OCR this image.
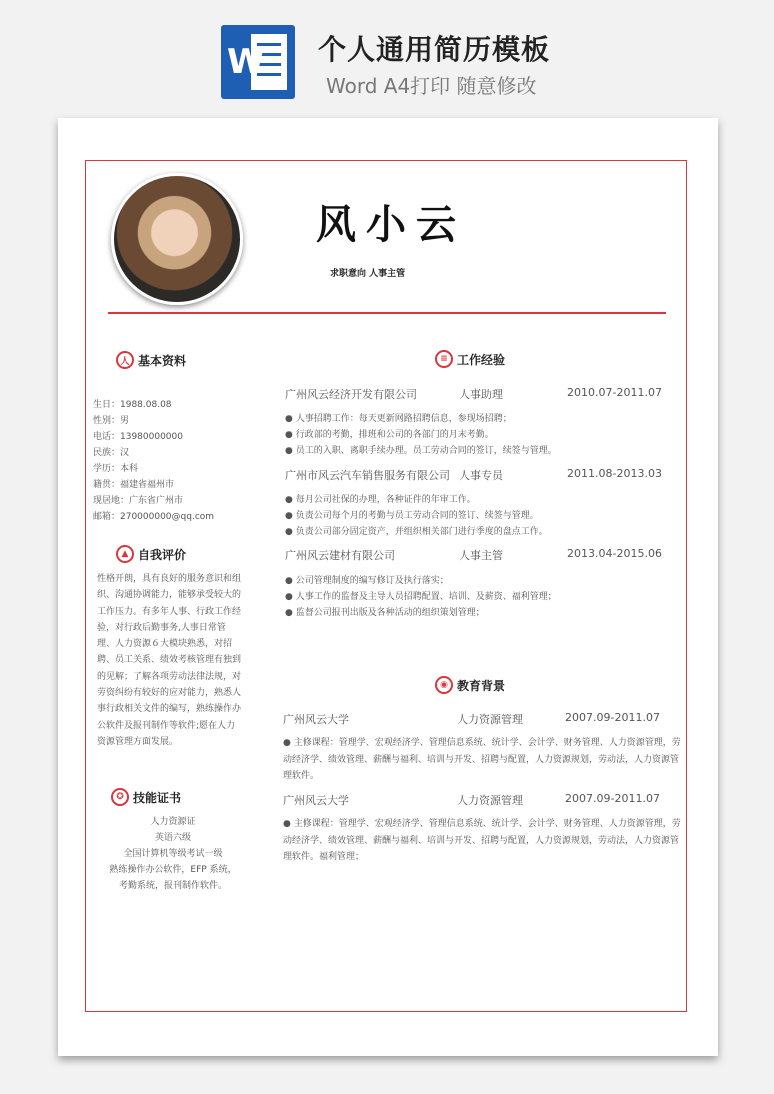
W 个人通用简历模板
Word A4打印 随意修改
风小云
求职意向 人事主管
人 基本资料
生日：1988.08.08
性别：男
电话：13980000000
民族：汉
学历：本科
籍贯：福建省福州市
现居地：广东省广州市
邮箱：270000000@qq.com
▲ 自我评价
性格开朗，具有良好的服务意识和组织、沟通协调能力，能够承受较大的工作压力。有多年人事、行政工作经验，对行政后勤事务,人事日常管理、人力资源６大模块熟悉，对招聘、员工关系、绩效考核管理有独到的见解；了解各项劳动法律法规，对劳资纠纷有较好的应对能力，熟悉人事行政相关文件的编写，熟练操作办公软件及报刊制作等软件;愿在人力资源管理方面发展。
✪ 技能证书
人力资源证
英语六级
全国计算机等级考试一级
熟练操作办公软件，EFP 系统，
考勤系统，报刊制作软件。
≡ 工作经验
广州风云经济开发有限公司	人事助理	2010.07-2011.07
● 人事招聘工作：每天更新网路招聘信息，参现场招聘；
● 行政部的考勤，排班和公司的各部门的月末考勤。
● 员工的入职、离职手续办理。员工劳动合同的签订，续签与管理。
广州市风云汽车销售服务有限公司 人事专员	2011.08-2013.03
● 每月公司社保的办理，各种证件的年审工作。
● 负责公司每个月的考勤与员工劳动合同的签订、续签与管理。
● 负责公司部分固定资产，并组织相关部门进行季度的盘点工作。
广州风云建材有限公司	人事主管	2013.04-2015.06
● 公司管理制度的编写修订及执行落实；
● 人事工作的监督及主导人员招聘配置、培训、及薪资、福利管理；
● 监督公司报刊出版及各种活动的组织策划管理；
◉ 教育背景
广州风云大学	人力资源管理	2007.09-2011.07
● 主修课程：管理学、宏观经济学、管理信息系统、统计学、会计学、财务管理、人力资源管理，劳动经济学、绩效管理、薪酬与福利、培训与开发、招聘与配置，人力资源规划，劳动法，人力资源管理软件。
广州风云大学	人力资源管理	2007.09-2011.07
● 主修课程：管理学、宏观经济学、管理信息系统、统计学、会计学、财务管理、人力资源管理，劳动经济学、绩效管理、薪酬与福利、培训与开发、招聘与配置，人力资源规划，劳动法，人力资源管理软件。福利管理；
